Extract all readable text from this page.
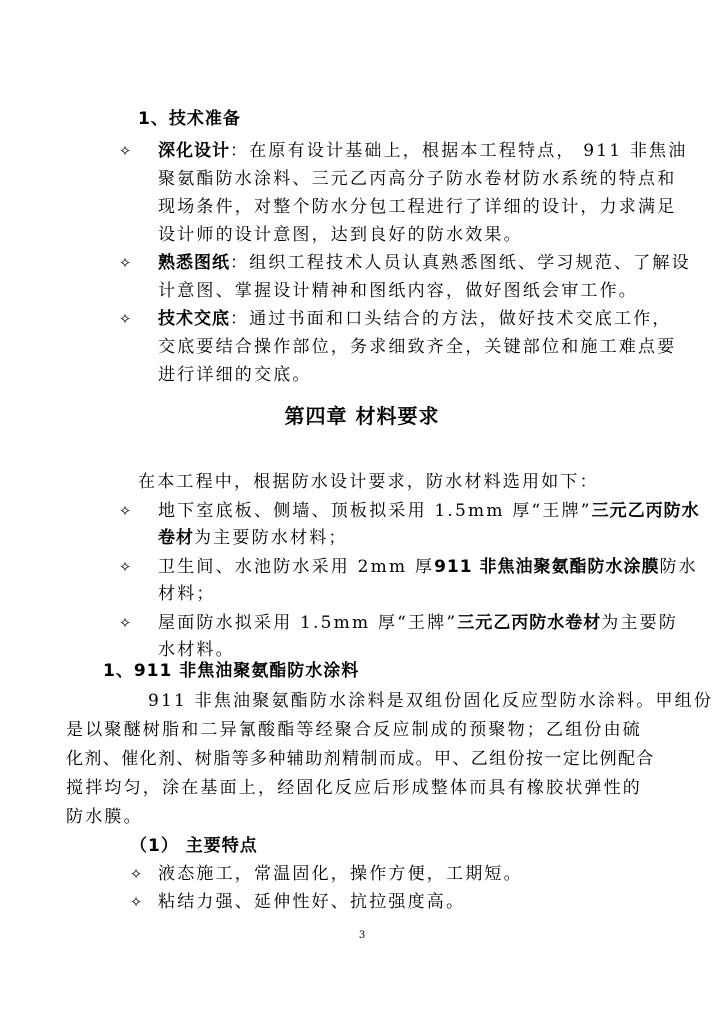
1、技术准备
✧ 深化设计：在原有设计基础上，根据本工程特点， 911 非焦油
聚氨酯防水涂料、三元乙丙高分子防水卷材防水系统的特点和
现场条件，对整个防水分包工程进行了详细的设计，力求满足
设计师的设计意图，达到良好的防水效果。
✧ 熟悉图纸：组织工程技术人员认真熟悉图纸、学习规范、了解设
计意图、掌握设计精神和图纸内容，做好图纸会审工作。
✧ 技术交底：通过书面和口头结合的方法，做好技术交底工作，
交底要结合操作部位，务求细致齐全，关键部位和施工难点要
进行详细的交底。
第四章 材料要求
在本工程中，根据防水设计要求，防水材料选用如下：
✧ 地下室底板、侧墙、顶板拟采用 1.5mm 厚“王牌”三元乙丙防水
卷材为主要防水材料；
✧ 卫生间、水池防水采用 2mm 厚911 非焦油聚氨酯防水涂膜防水
材料；
✧ 屋面防水拟采用 1.5mm 厚“王牌”三元乙丙防水卷材为主要防
水材料。
1、911 非焦油聚氨酯防水涂料
911 非焦油聚氨酯防水涂料是双组份固化反应型防水涂料。甲组份
是以聚醚树脂和二异氰酸酯等经聚合反应制成的预聚物；乙组份由硫
化剂、催化剂、树脂等多种辅助剂精制而成。甲、乙组份按一定比例配合
搅拌均匀，涂在基面上，经固化反应后形成整体而具有橡胶状弹性的
防水膜。
（1） 主要特点
✧ 液态施工，常温固化，操作方便，工期短。
✧ 粘结力强、延伸性好、抗拉强度高。
3
